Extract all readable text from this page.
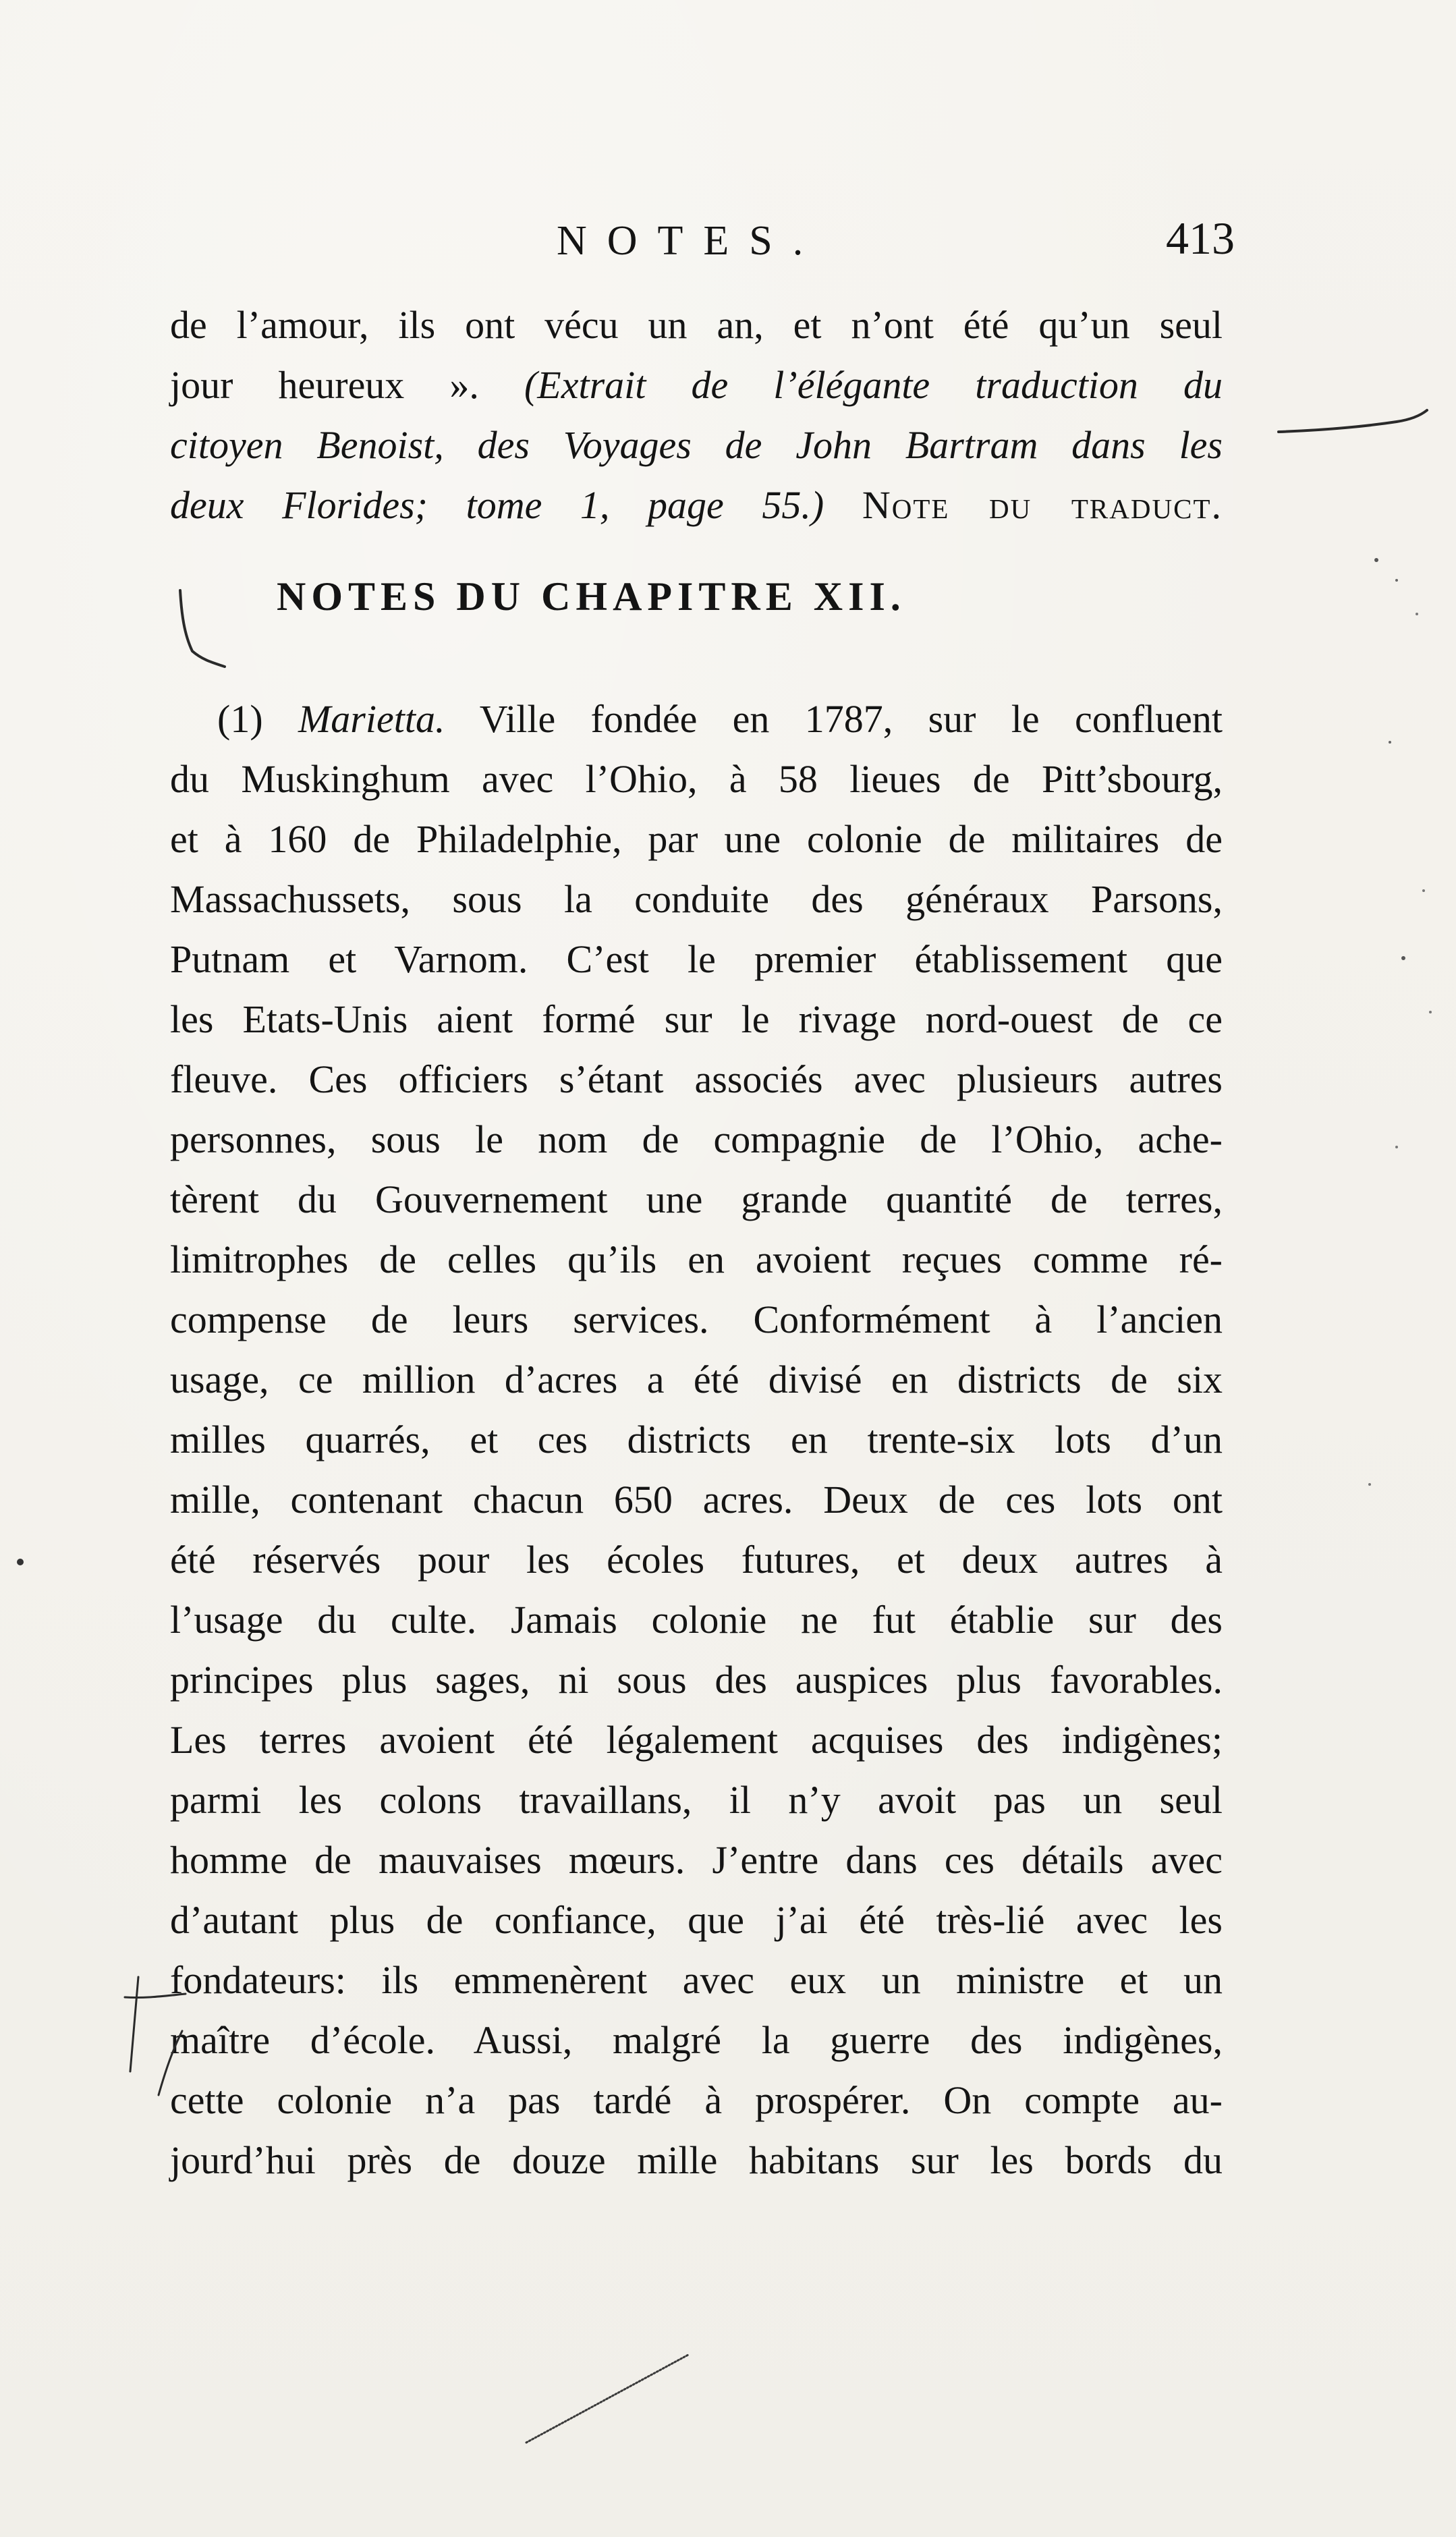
NOTES.	413
de l’amour, ils ont vécu un an, et n’ont été qu’un seul
jour heureux ». (Extrait de l’élégante traduction du
citoyen Benoist, des Voyages de John Bartram dans les
deux Florides; tome 1, page 55.) Note du traduct.
NOTES DU CHAPITRE XII.
(1) Marietta. Ville fondée en 1787, sur le confluent
du Muskinghum avec l’Ohio, à 58 lieues de Pitt’sbourg,
et à 160 de Philadelphie, par une colonie de militaires de
Massachussets, sous la conduite des généraux Parsons,
Putnam et Varnom. C’est le premier établissement que
les Etats-Unis aient formé sur le rivage nord-ouest de ce
fleuve. Ces officiers s’étant associés avec plusieurs autres
personnes, sous le nom de compagnie de l’Ohio, ache-
tèrent du Gouvernement une grande quantité de terres,
limitrophes de celles qu’ils en avoient reçues comme ré-
compense de leurs services. Conformément à l’ancien
usage, ce million d’acres a été divisé en districts de six
milles quarrés, et ces districts en trente-six lots d’un
mille, contenant chacun 650 acres. Deux de ces lots ont
été réservés pour les écoles futures, et deux autres à
l’usage du culte. Jamais colonie ne fut établie sur des
principes plus sages, ni sous des auspices plus favorables.
Les terres avoient été légalement acquises des indigènes;
parmi les colons travaillans, il n’y avoit pas un seul
homme de mauvaises mœurs. J’entre dans ces détails avec
d’autant plus de confiance, que j’ai été très-lié avec les
fondateurs: ils emmenèrent avec eux un ministre et un
maître d’école. Aussi, malgré la guerre des indigènes,
cette colonie n’a pas tardé à prospérer. On compte au-
jourd’hui près de douze mille habitans sur les bords du
